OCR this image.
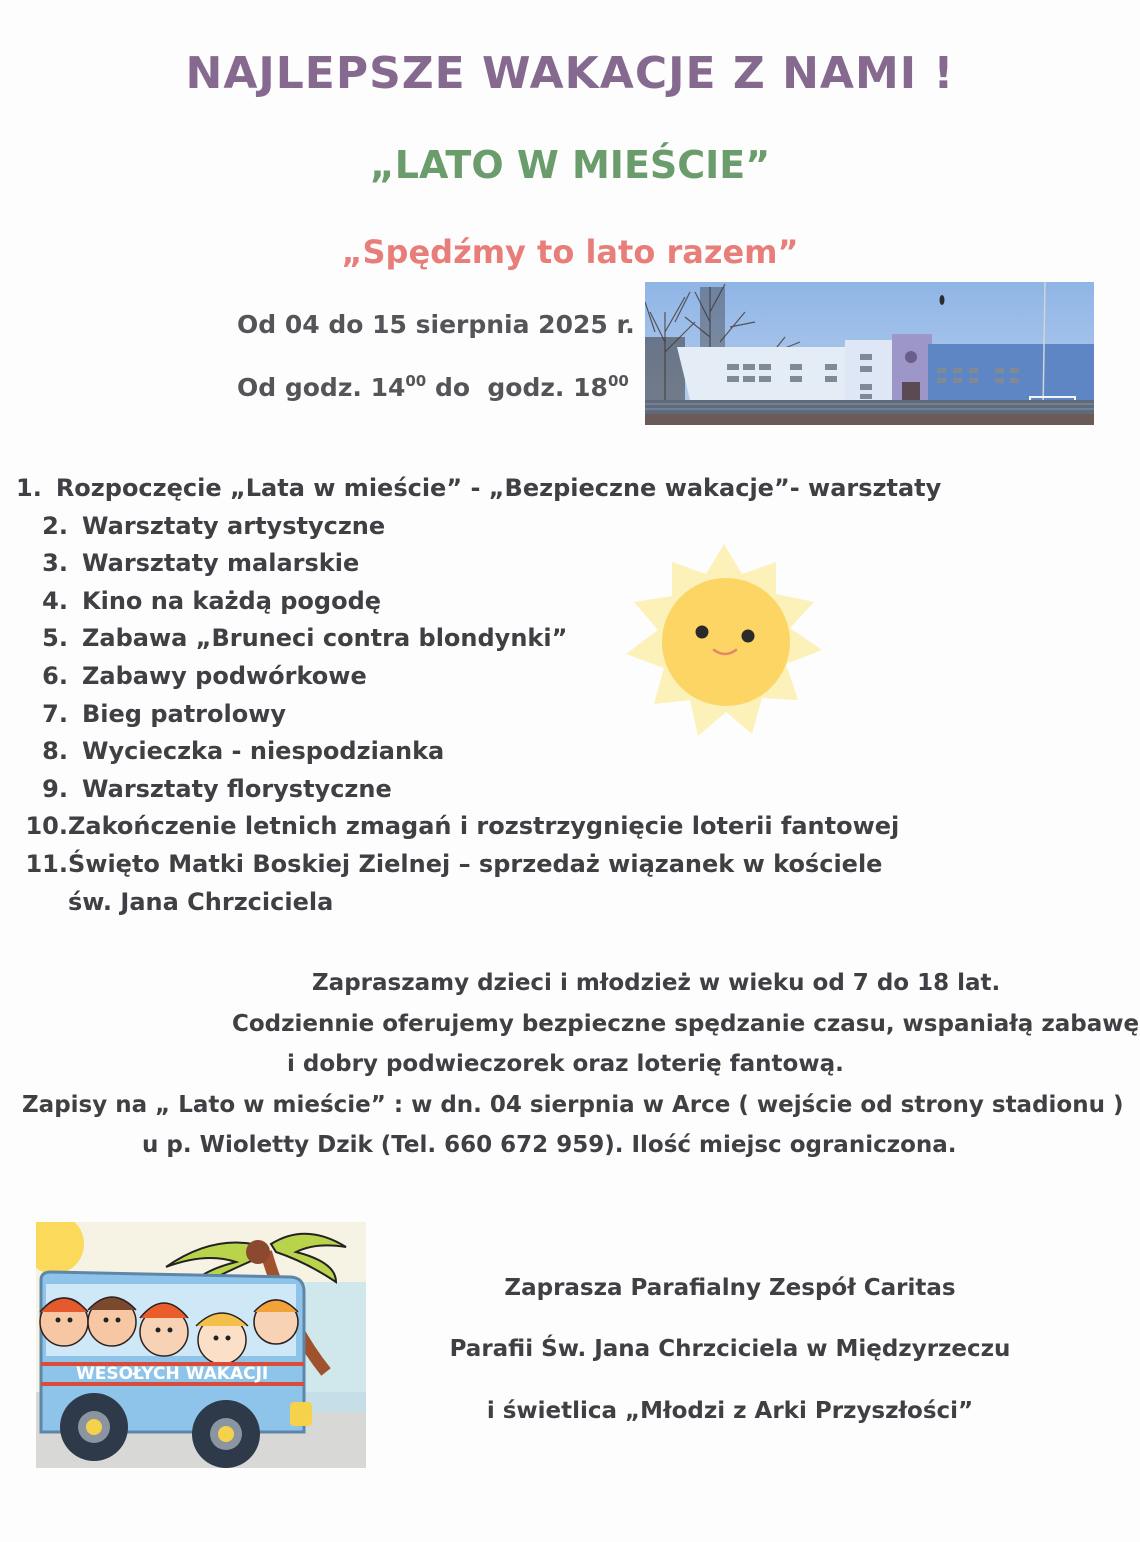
NAJLEPSZE WAKACJE Z NAMI !
„LATO W MIEŚCIE”
„Spędźmy to lato razem”
Od 04 do 15 sierpnia 2025 r.
Od godz. $14^{00}$ do  godz. $18^{00}$
1. Rozpoczęcie „Lata w mieście” - „Bezpieczne wakacje”- warsztaty
2. Warsztaty artystyczne
3. Warsztaty malarskie
4. Kino na każdą pogodę
5. Zabawa „Bruneci contra blondynki”
6. Zabawy podwórkowe
7. Bieg patrolowy
8. Wycieczka - niespodzianka
9. Warsztaty florystyczne
10. Zakończenie letnich zmagań i rozstrzygnięcie loterii fantowej
11. Święto Matki Boskiej Zielnej – sprzedaż wiązanek w kościele
św. Jana Chrzciciela
Zapraszamy dzieci i młodzież w wieku od 7 do 18 lat.
Codziennie oferujemy bezpieczne spędzanie czasu, wspaniałą zabawę
i dobry podwieczorek oraz loterię fantową.
Zapisy na „ Lato w mieście” : w dn. 04 sierpnia w Arce ( wejście od strony stadionu )
u p. Wioletty Dzik (Tel. 660 672 959). Ilość miejsc ograniczona.
WESOŁYCH WAKACJI
Zaprasza Parafialny Zespół Caritas
Parafii Św. Jana Chrzciciela w Międzyrzeczu
i świetlica „Młodzi z Arki Przyszłości”
